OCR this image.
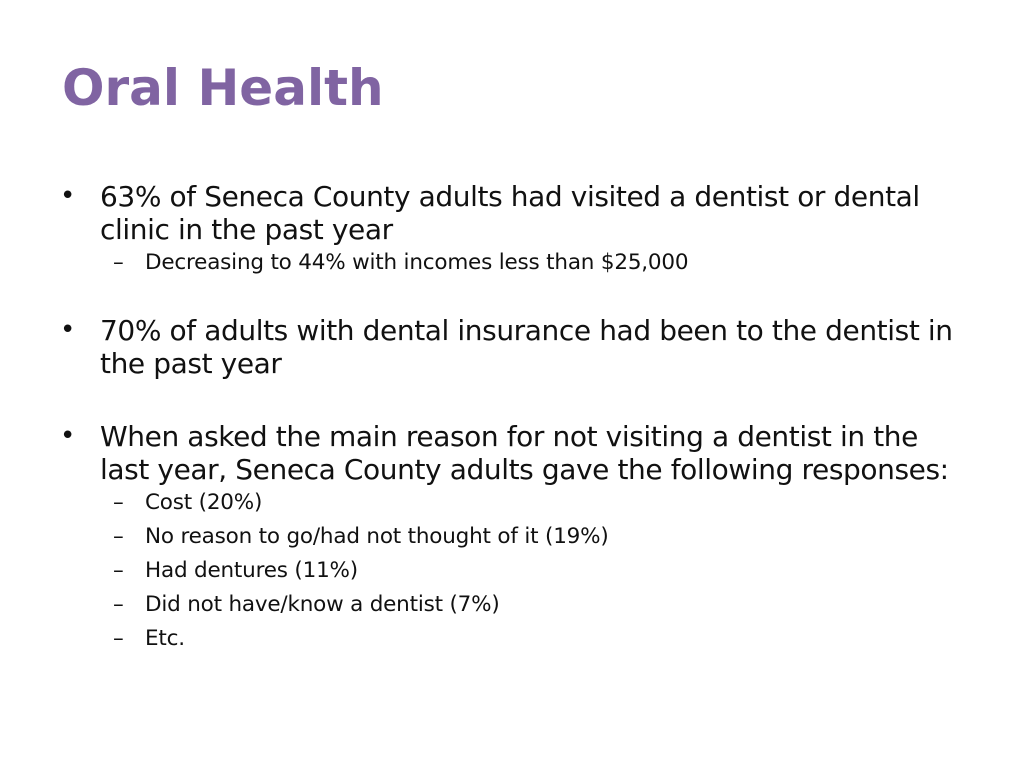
Oral Health
• 63% of Seneca County adults had visited a dentist or dental clinic in the past year
– Decreasing to 44% with incomes less than $25,000
• 70% of adults with dental insurance had been to the dentist in the past year
• When asked the main reason for not visiting a dentist in the last year, Seneca County adults gave the following responses:
– Cost (20%)
– No reason to go/had not thought of it (19%)
– Had dentures (11%)
– Did not have/know a dentist (7%)
– Etc.
